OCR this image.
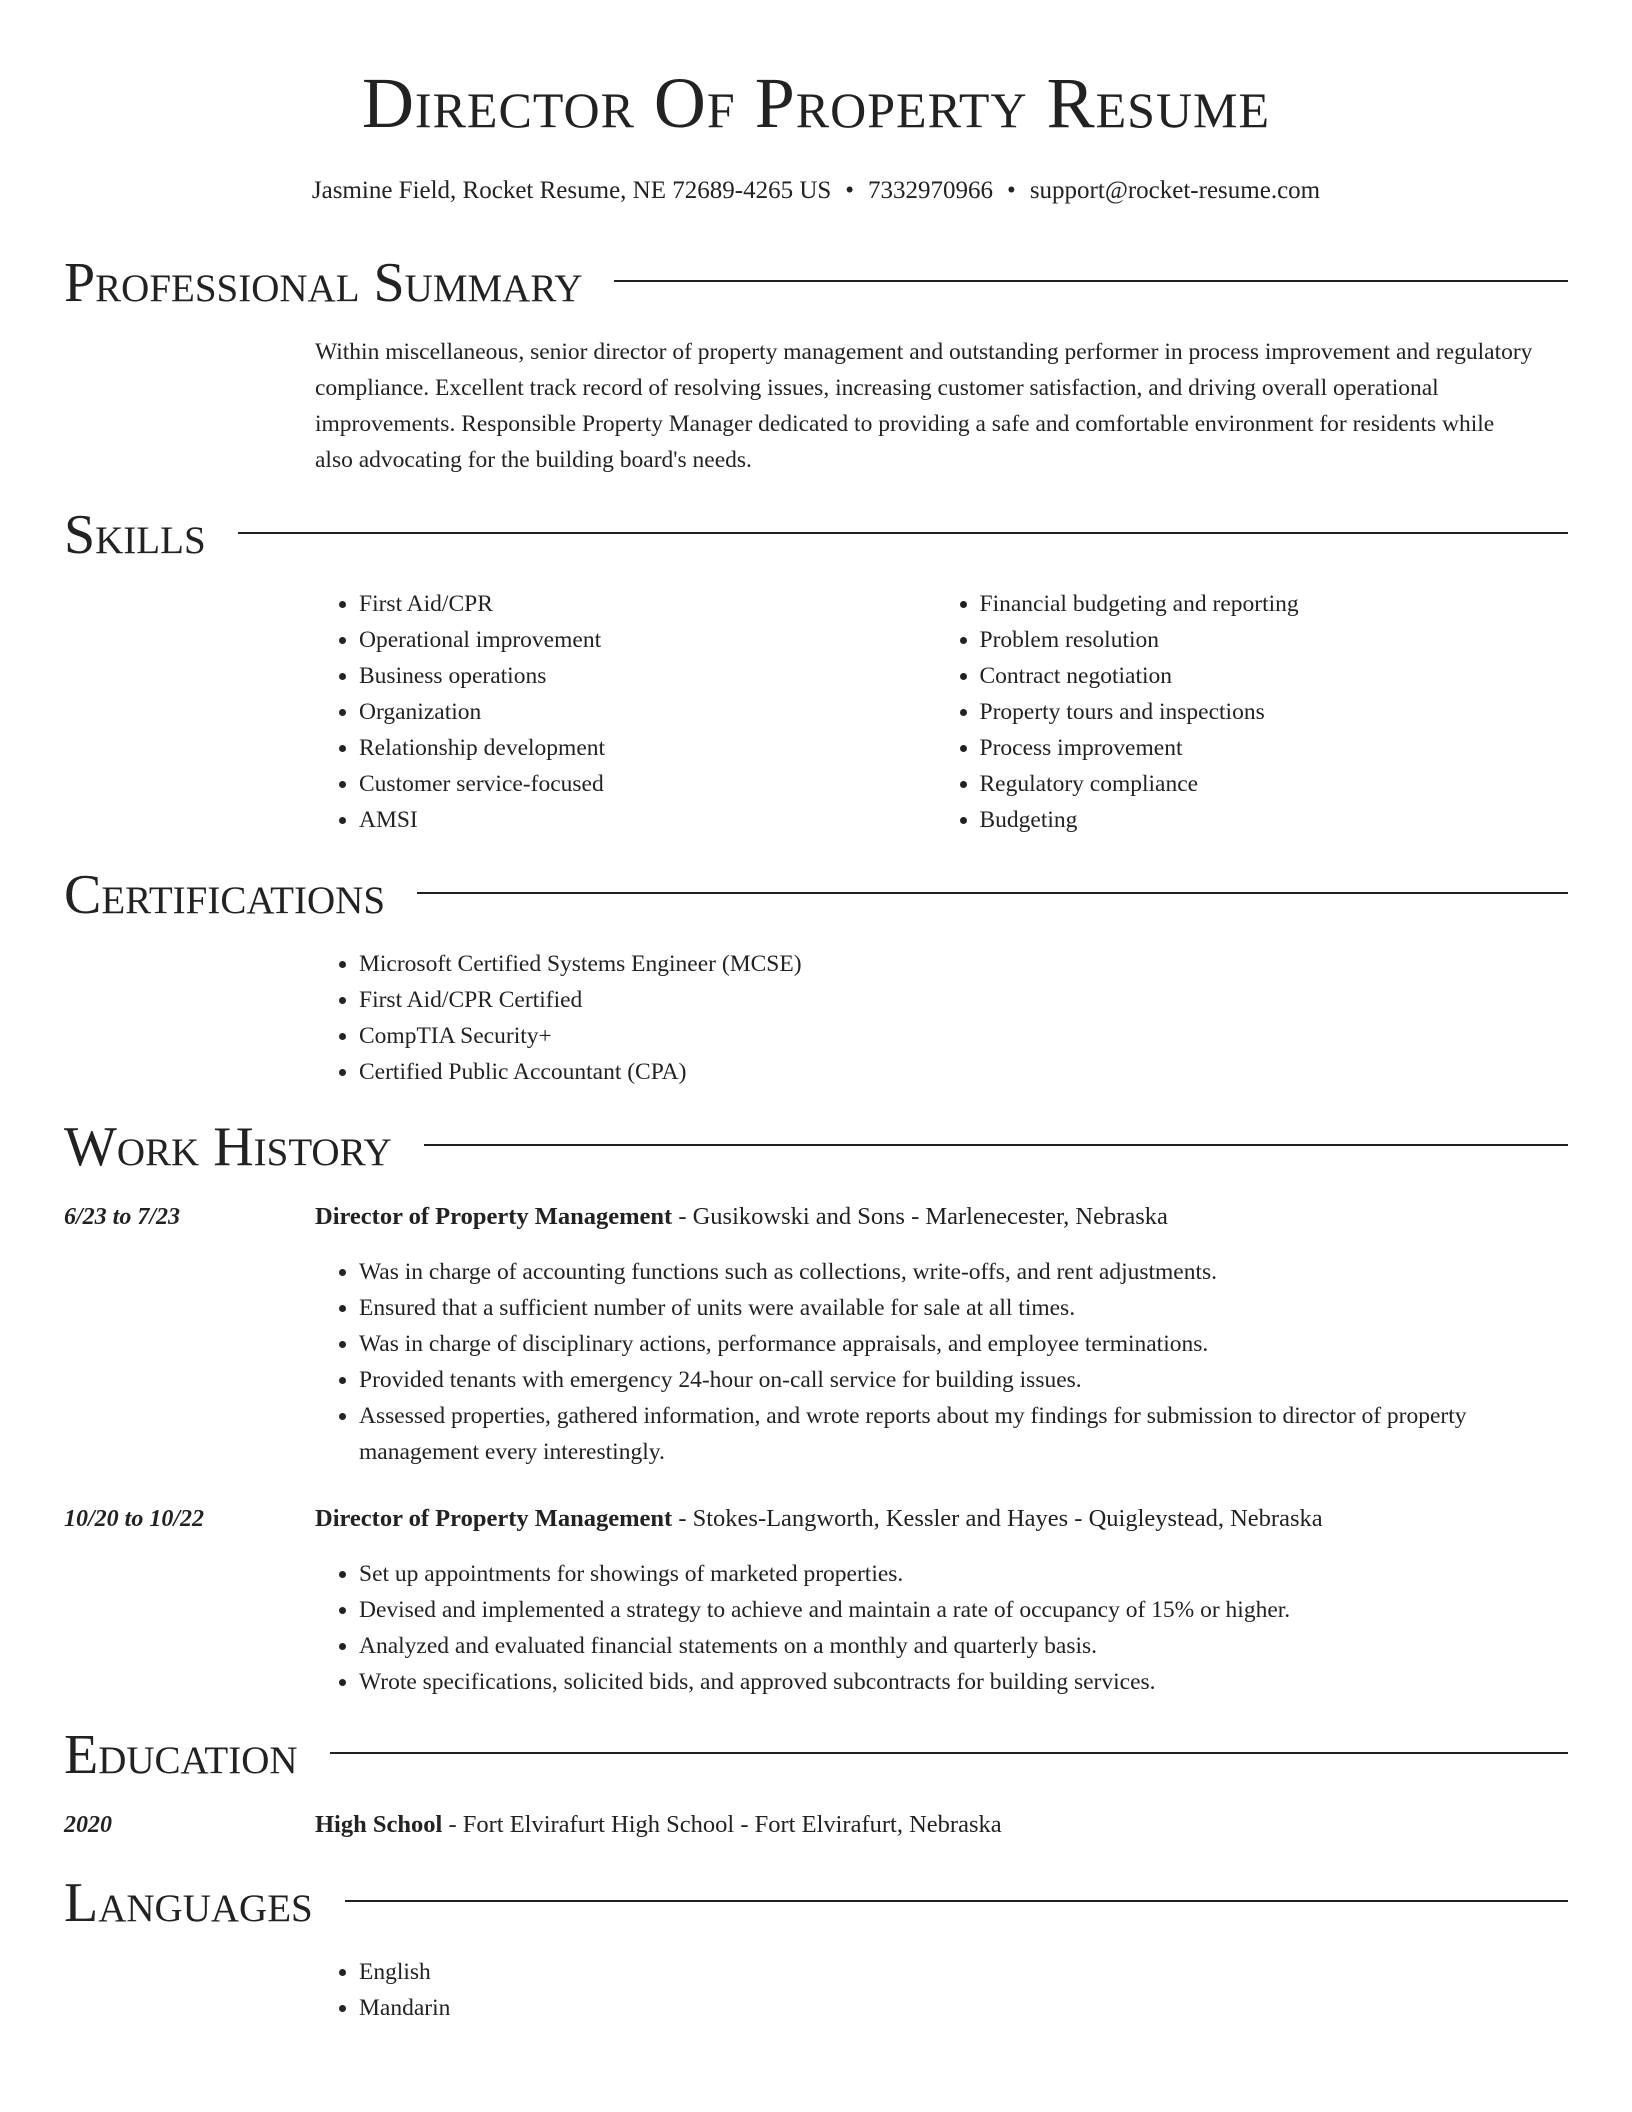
Director Of Property Resume
Jasmine Field, Rocket Resume, NE 72689-4265 US • 7332970966 • support@rocket-resume.com
Professional Summary
Within miscellaneous, senior director of property management and outstanding performer in process improvement and regulatory compliance. Excellent track record of resolving issues, increasing customer satisfaction, and driving overall operational improvements. Responsible Property Manager dedicated to providing a safe and comfortable environment for residents while also advocating for the building board's needs.
Skills
• First Aid/CPR
• Operational improvement
• Business operations
• Organization
• Relationship development
• Customer service-focused
• AMSI
• Financial budgeting and reporting
• Problem resolution
• Contract negotiation
• Property tours and inspections
• Process improvement
• Regulatory compliance
• Budgeting
Certifications
• Microsoft Certified Systems Engineer (MCSE)
• First Aid/CPR Certified
• CompTIA Security+
• Certified Public Accountant (CPA)
Work History
6/23 to 7/23	Director of Property Management - Gusikowski and Sons - Marlenecester, Nebraska
• Was in charge of accounting functions such as collections, write-offs, and rent adjustments.
• Ensured that a sufficient number of units were available for sale at all times.
• Was in charge of disciplinary actions, performance appraisals, and employee terminations.
• Provided tenants with emergency 24-hour on-call service for building issues.
• Assessed properties, gathered information, and wrote reports about my findings for submission to director of property management every interestingly.
10/20 to 10/22	Director of Property Management - Stokes-Langworth, Kessler and Hayes - Quigleystead, Nebraska
• Set up appointments for showings of marketed properties.
• Devised and implemented a strategy to achieve and maintain a rate of occupancy of 15% or higher.
• Analyzed and evaluated financial statements on a monthly and quarterly basis.
• Wrote specifications, solicited bids, and approved subcontracts for building services.
Education
2020	High School - Fort Elvirafurt High School - Fort Elvirafurt, Nebraska
Languages
• English
• Mandarin
